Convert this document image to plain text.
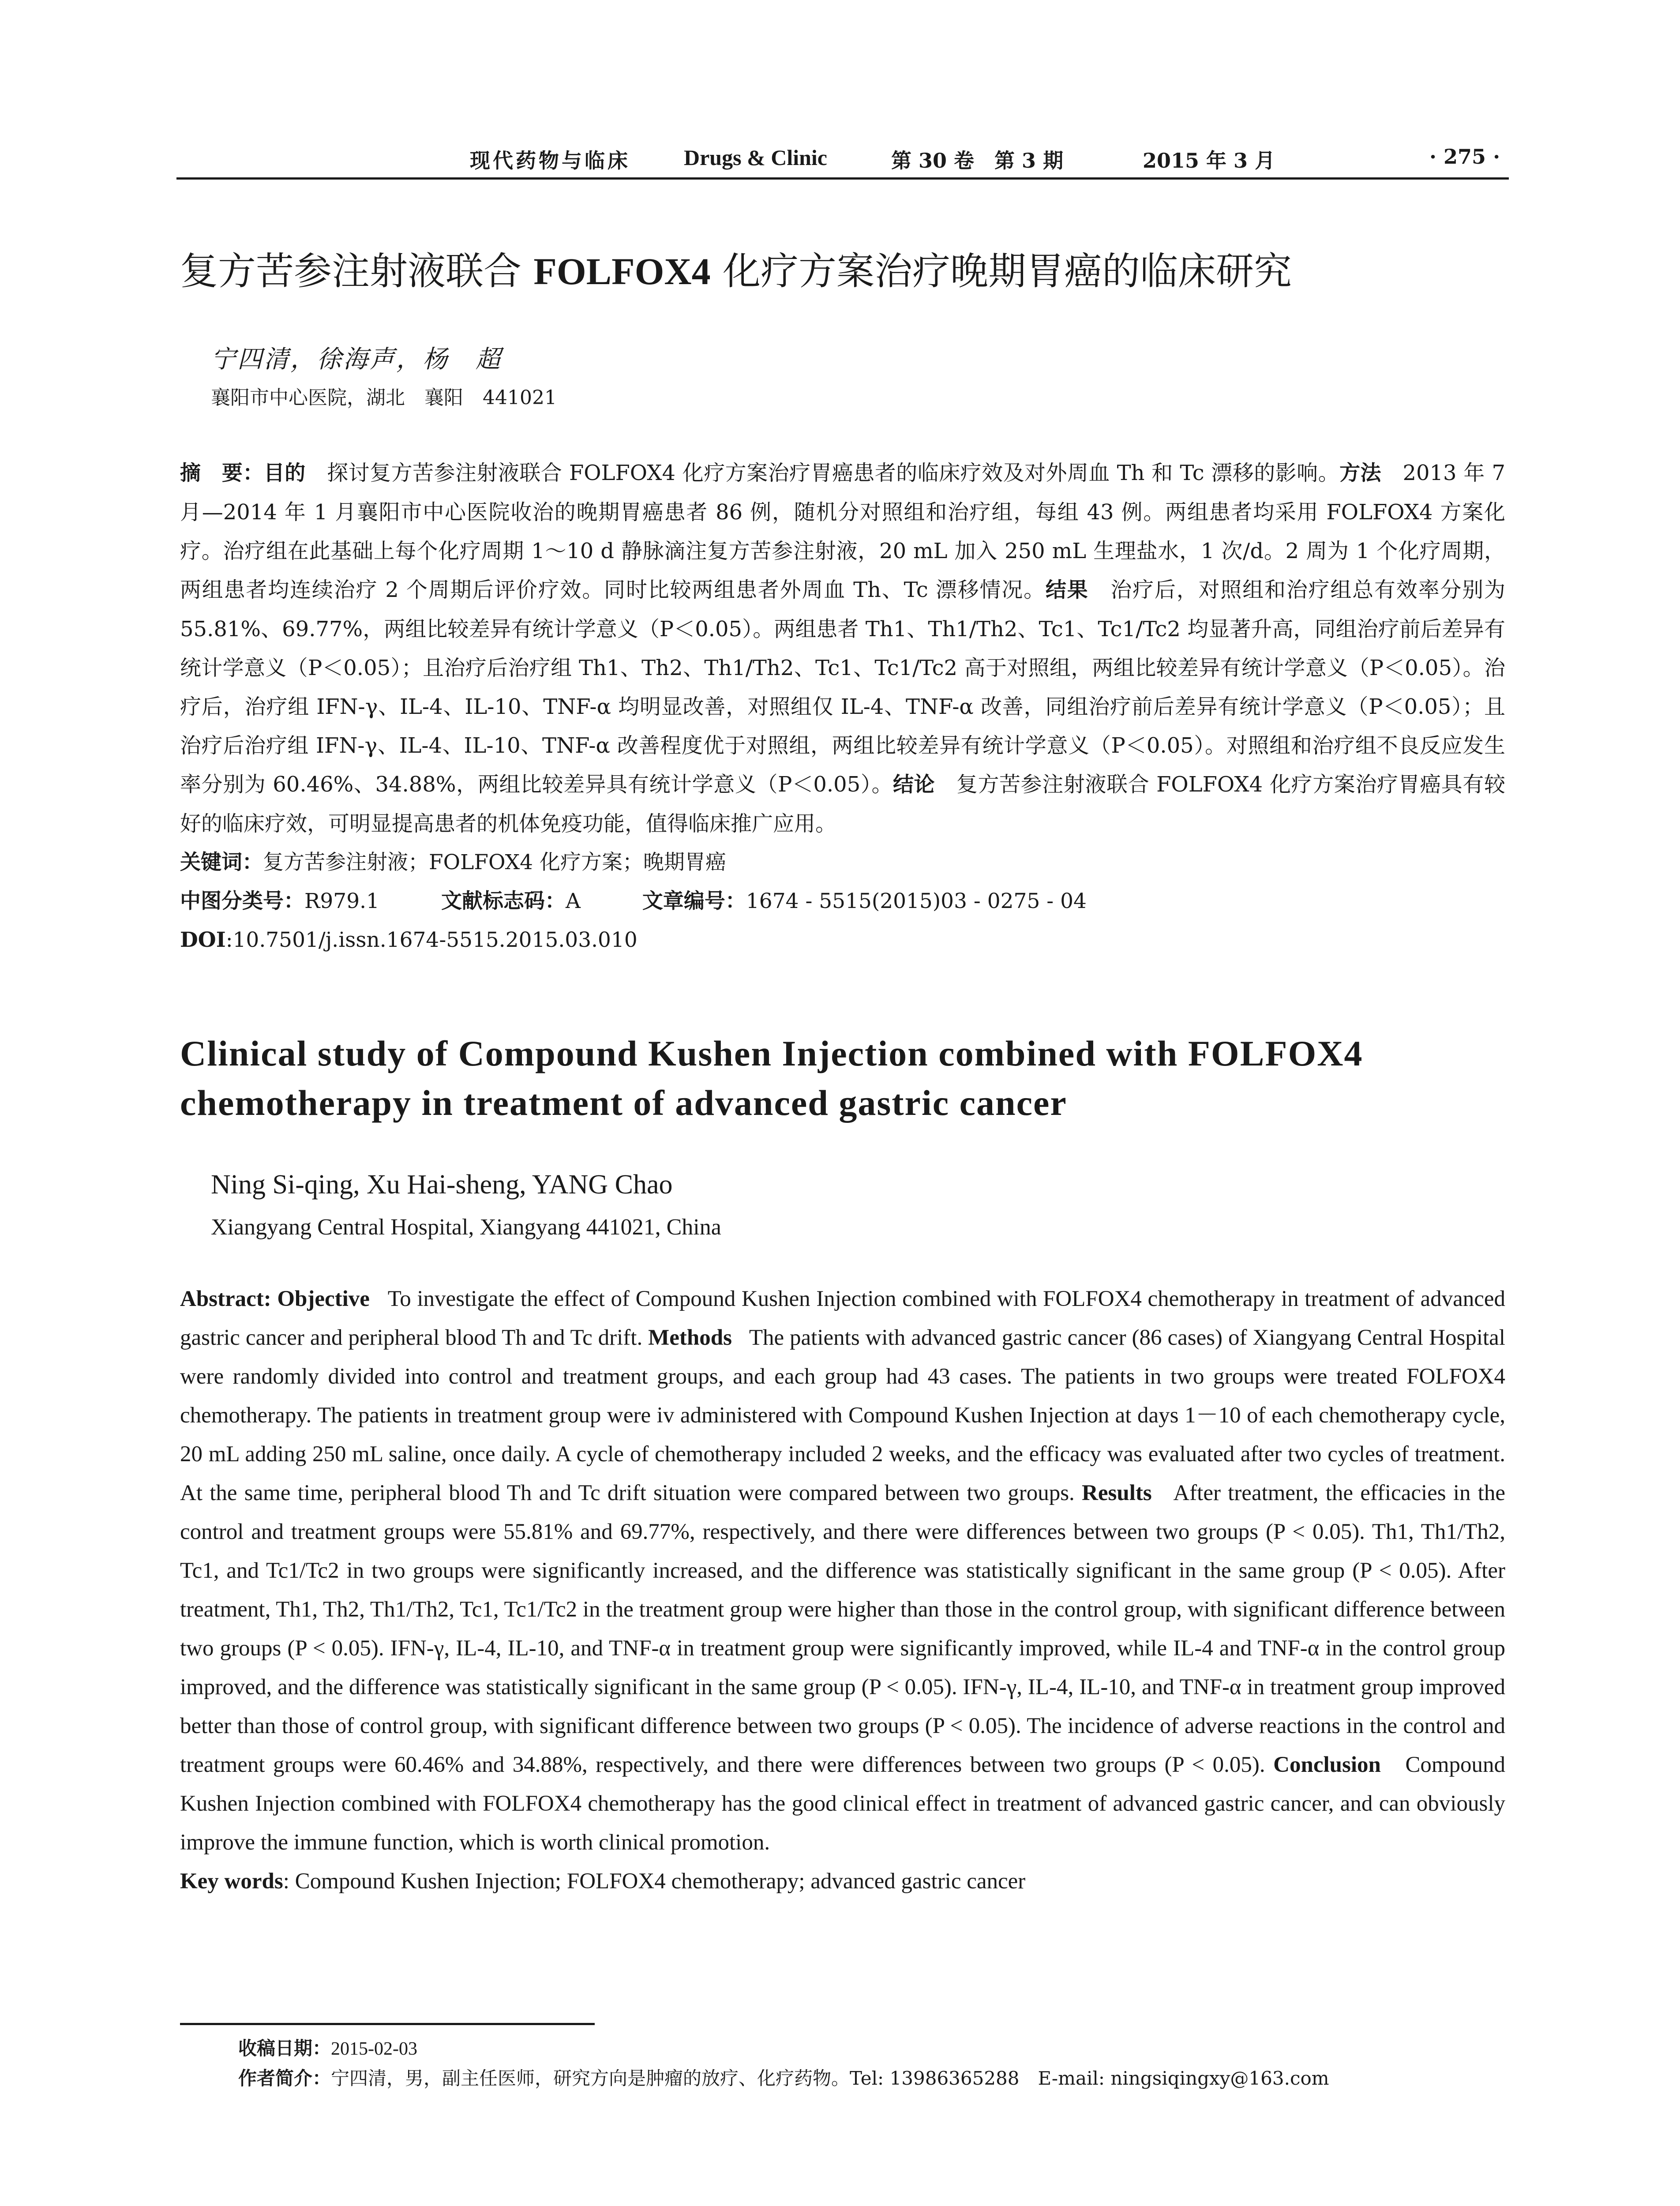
现代药物与临床 Drugs & Clinic	第 30 卷　第 3 期	2015 年 3 月	· 275 ·
复方苦参注射液联合 FOLFOX4 化疗方案治疗晚期胃癌的临床研究
宁四清，徐海声，杨　超
襄阳市中心医院，湖北　襄阳　441021

摘　要：目的　探讨复方苦参注射液联合 FOLFOX4 化疗方案治疗胃癌患者的临床疗效及对外周血 Th 和 Tc 漂移的影响。方法　2013 年 7 月—2014 年 1 月襄阳市中心医院收治的晚期胃癌患者 86 例，随机分对照组和治疗组，每组 43 例。两组患者均采用 FOLFOX4 方案化疗。治疗组在此基础上每个化疗周期 1～10 d 静脉滴注复方苦参注射液，20 mL 加入 250 mL 生理盐水，1 次/d。2 周为 1 个化疗周期，两组患者均连续治疗 2 个周期后评价疗效。同时比较两组患者外周血 Th、Tc 漂移情况。结果　治疗后，对照组和治疗组总有效率分别为 55.81%、69.77%，两组比较差异有统计学意义（P＜0.05）。两组患者 Th1、Th1/Th2、Tc1、Tc1/Tc2 均显著升高，同组治疗前后差异有统计学意义（P＜0.05）；且治疗后治疗组 Th1、Th2、Th1/Th2、Tc1、Tc1/Tc2 高于对照组，两组比较差异有统计学意义（P＜0.05）。治疗后，治疗组 IFN-γ、IL-4、IL-10、TNF-α 均明显改善，对照组仅 IL-4、TNF-α 改善，同组治疗前后差异有统计学意义（P＜0.05）；且治疗后治疗组 IFN-γ、IL-4、IL-10、TNF-α 改善程度优于对照组，两组比较差异有统计学意义（P＜0.05）。对照组和治疗组不良反应发生率分别为 60.46%、34.88%，两组比较差异具有统计学意义（P＜0.05）。结论　复方苦参注射液联合 FOLFOX4 化疗方案治疗胃癌具有较好的临床疗效，可明显提高患者的机体免疫功能，值得临床推广应用。

关键词：复方苦参注射液；FOLFOX4 化疗方案；晚期胃癌

中图分类号：R979.1	文献标志码：A	文章编号：1674 - 5515(2015)03 - 0275 - 04

DOI:10.7501/j.issn.1674-5515.2015.03.010

Clinical study of Compound Kushen Injection combined with FOLFOX4 chemotherapy in treatment of advanced gastric cancer
Ning Si-qing, Xu Hai-sheng, YANG Chao
Xiangyang Central Hospital, Xiangyang 441021, China

Abstract: Objective To investigate the effect of Compound Kushen Injection combined with FOLFOX4 chemotherapy in treatment of advanced gastric cancer and peripheral blood Th and Tc drift. Methods The patients with advanced gastric cancer (86 cases) of Xiangyang Central Hospital were randomly divided into control and treatment groups, and each group had 43 cases. The patients in two groups were treated FOLFOX4 chemotherapy. The patients in treatment group were iv administered with Compound Kushen Injection at days 1－10 of each chemotherapy cycle, 20 mL adding 250 mL saline, once daily. A cycle of chemotherapy included 2 weeks, and the efficacy was evaluated after two cycles of treatment. At the same time, peripheral blood Th and Tc drift situation were compared between two groups. Results After treatment, the efficacies in the control and treatment groups were 55.81% and 69.77%, respectively, and there were differences between two groups (P < 0.05). Th1, Th1/Th2, Tc1, and Tc1/Tc2 in two groups were significantly increased, and the difference was statistically significant in the same group (P < 0.05). After treatment, Th1, Th2, Th1/Th2, Tc1, Tc1/Tc2 in the treatment group were higher than those in the control group, with significant difference between two groups (P < 0.05). IFN-γ, IL-4, IL-10, and TNF-α in treatment group were significantly improved, while IL-4 and TNF-α in the control group improved, and the difference was statistically significant in the same group (P < 0.05). IFN-γ, IL-4, IL-10, and TNF-α in treatment group improved better than those of control group, with significant difference between two groups (P < 0.05). The incidence of adverse reactions in the control and treatment groups were 60.46% and 34.88%, respectively, and there were differences between two groups (P < 0.05). Conclusion Compound Kushen Injection combined with FOLFOX4 chemotherapy has the good clinical effect in treatment of advanced gastric cancer, and can obviously improve the immune function, which is worth clinical promotion.

Key words: Compound Kushen Injection; FOLFOX4 chemotherapy; advanced gastric cancer

收稿日期：2015-02-03
作者简介：宁四清，男，副主任医师，研究方向是肿瘤的放疗、化疗药物。Tel: 13986365288　E-mail: ningsiqingxy@163.com
